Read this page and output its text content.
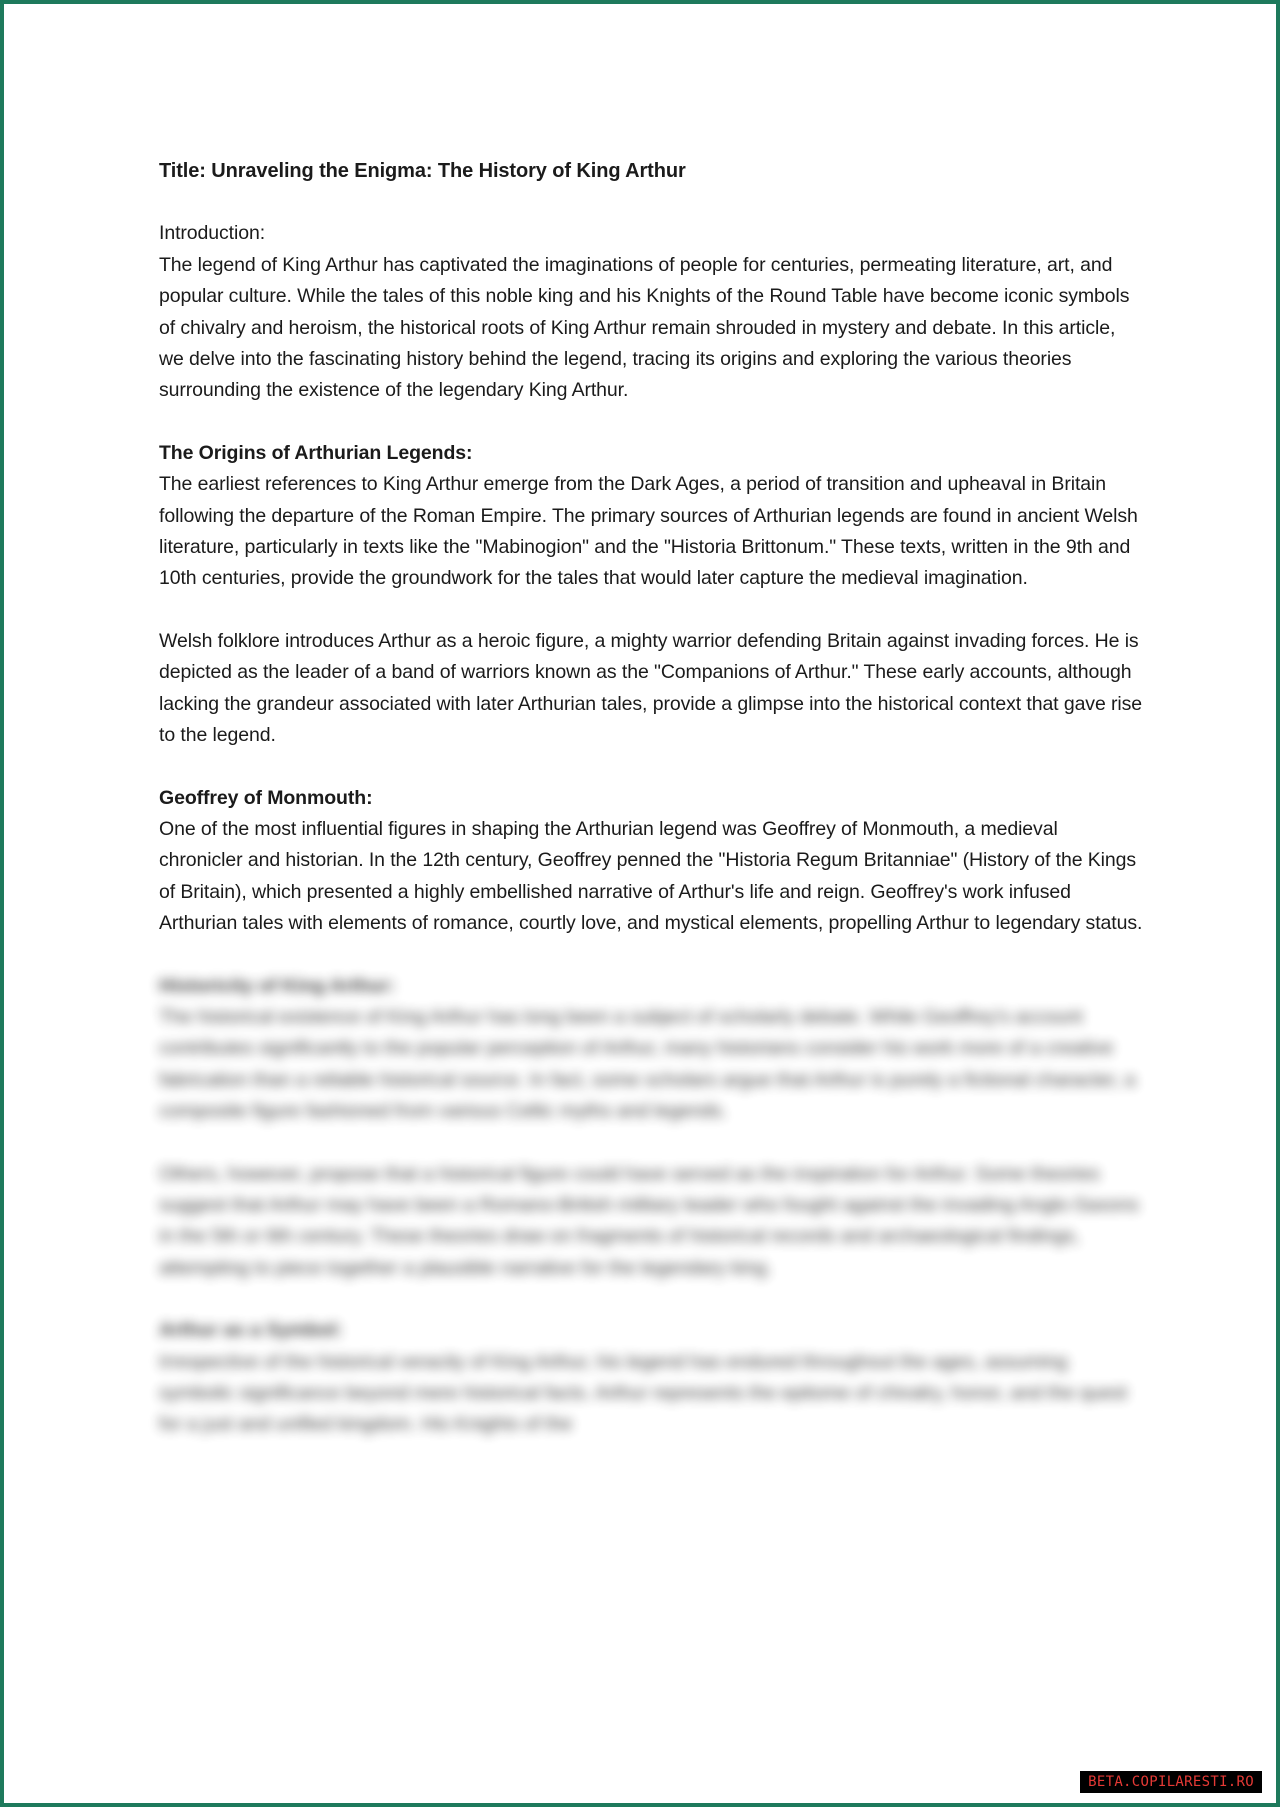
Title: Unraveling the Enigma: The History of King Arthur

Introduction:

The legend of King Arthur has captivated the imaginations of people for centuries, permeating literature, art, and popular culture. While the tales of this noble king and his Knights of the Round Table have become iconic symbols of chivalry and heroism, the historical roots of King Arthur remain shrouded in mystery and debate. In this article, we delve into the fascinating history behind the legend, tracing its origins and exploring the various theories surrounding the existence of the legendary King Arthur.

The Origins of Arthurian Legends:

The earliest references to King Arthur emerge from the Dark Ages, a period of transition and upheaval in Britain following the departure of the Roman Empire. The primary sources of Arthurian legends are found in ancient Welsh literature, particularly in texts like the "Mabinogion" and the "Historia Brittonum." These texts, written in the 9th and 10th centuries, provide the groundwork for the tales that would later capture the medieval imagination.

Welsh folklore introduces Arthur as a heroic figure, a mighty warrior defending Britain against invading forces. He is depicted as the leader of a band of warriors known as the "Companions of Arthur." These early accounts, although lacking the grandeur associated with later Arthurian tales, provide a glimpse into the historical context that gave rise to the legend.

Geoffrey of Monmouth:

One of the most influential figures in shaping the Arthurian legend was Geoffrey of Monmouth, a medieval chronicler and historian. In the 12th century, Geoffrey penned the "Historia Regum Britanniae" (History of the Kings of Britain), which presented a highly embellished narrative of Arthur's life and reign. Geoffrey's work infused Arthurian tales with elements of romance, courtly love, and mystical elements, propelling Arthur to legendary status.

Historicity of King Arthur:

The historical existence of King Arthur has long been a subject of scholarly debate. While Geoffrey's account contributes significantly to the popular perception of Arthur, many historians consider his work more of a creative fabrication than a reliable historical source. In fact, some scholars argue that Arthur is purely a fictional character, a composite figure fashioned from various Celtic myths and legends.

Others, however, propose that a historical figure could have served as the inspiration for Arthur. Some theories suggest that Arthur may have been a Romano-British military leader who fought against the invading Anglo-Saxons in the 5th or 6th century. These theories draw on fragments of historical records and archaeological findings, attempting to piece together a plausible narrative for the legendary king.

Arthur as a Symbol:

Irrespective of the historical veracity of King Arthur, his legend has endured throughout the ages, assuming symbolic significance beyond mere historical facts. Arthur represents the epitome of chivalry, honor, and the quest for a just and unified kingdom. His Knights of the

BETA.COPILARESTI.RO
